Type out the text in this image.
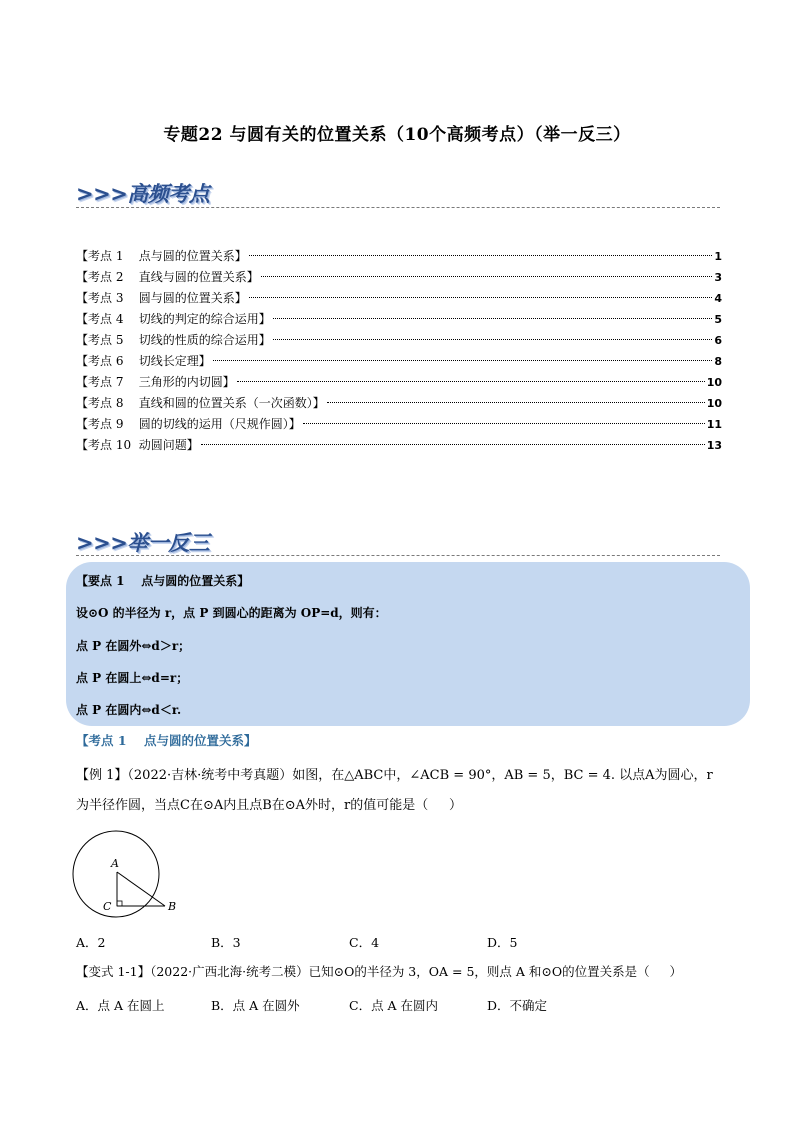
专题22 与圆有关的位置关系（10个高频考点）（举一反三）
>>>高频考点
【考点 1    点与圆的位置关系】	1
【考点 2    直线与圆的位置关系】	3
【考点 3    圆与圆的位置关系】	4
【考点 4    切线的判定的综合运用】	5
【考点 5    切线的性质的综合运用】	6
【考点 6    切线长定理】	8
【考点 7    三角形的内切圆】	10
【考点 8    直线和圆的位置关系（一次函数）】	10
【考点 9    圆的切线的运用（尺规作圆）】	11
【考点 10  动圆问题】	13
>>>举一反三
【要点 1    点与圆的位置关系】
设⊙O 的半径为 r，点 P 到圆心的距离为 OP=d，则有：
点 P 在圆外⇔d＞r；
点 P 在圆上⇔d=r；
点 P 在圆内⇔d＜r.
【考点 1    点与圆的位置关系】
【例 1】（2022·吉林·统考中考真题）如图，在△ABC中，∠ACB = 90°，AB = 5，BC = 4. 以点A为圆心，r
为半径作圆，当点C在⊙A内且点B在⊙A外时，r的值可能是（     ）
A
C	B
A．2	B．3	C．4	D．5
【变式 1-1】（2022·广西北海·统考二模）已知⊙O的半径为 3，OA = 5，则点 A 和⊙O的位置关系是（     ）
A．点 A 在圆上	B．点 A 在圆外	C．点 A 在圆内	D．不确定
